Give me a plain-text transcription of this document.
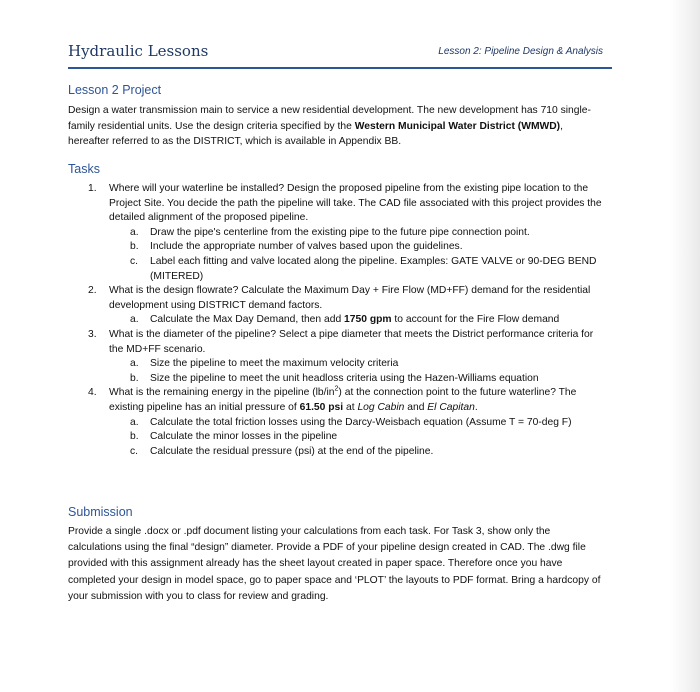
Hydraulic Lessons	Lesson 2: Pipeline Design & Analysis
Lesson 2 Project
Design a water transmission main to service a new residential development. The new development has 710 single-family residential units. Use the design criteria specified by the Western Municipal Water District (WMWD), hereafter referred to as the DISTRICT, which is available in Appendix BB.
Tasks
1. Where will your waterline be installed? Design the proposed pipeline from the existing pipe location to the Project Site. You decide the path the pipeline will take. The CAD file associated with this project provides the detailed alignment of the proposed pipeline.
a. Draw the pipe's centerline from the existing pipe to the future pipe connection point.
b. Include the appropriate number of valves based upon the guidelines.
c. Label each fitting and valve located along the pipeline. Examples: GATE VALVE or 90-DEG BEND (MITERED)
2. What is the design flowrate? Calculate the Maximum Day + Fire Flow (MD+FF) demand for the residential development using DISTRICT demand factors.
a. Calculate the Max Day Demand, then add 1750 gpm to account for the Fire Flow demand
3. What is the diameter of the pipeline? Select a pipe diameter that meets the District performance criteria for the MD+FF scenario.
a. Size the pipeline to meet the maximum velocity criteria
b. Size the pipeline to meet the unit headloss criteria using the Hazen-Williams equation
4. What is the remaining energy in the pipeline $(lb/in^2)$ at the connection point to the future waterline? The existing pipeline has an initial pressure of 61.50 psi at Log Cabin and El Capitan.
a. Calculate the total friction losses using the Darcy-Weisbach equation (Assume T = 70-deg F)
b. Calculate the minor losses in the pipeline
c. Calculate the residual pressure (psi) at the end of the pipeline.
Submission
Provide a single .docx or .pdf document listing your calculations from each task. For Task 3, show only the calculations using the final “design” diameter. Provide a PDF of your pipeline design created in CAD. The .dwg file provided with this assignment already has the sheet layout created in paper space. Therefore once you have completed your design in model space, go to paper space and ‘PLOT’ the layouts to PDF format. Bring a hardcopy of your submission with you to class for review and grading.
